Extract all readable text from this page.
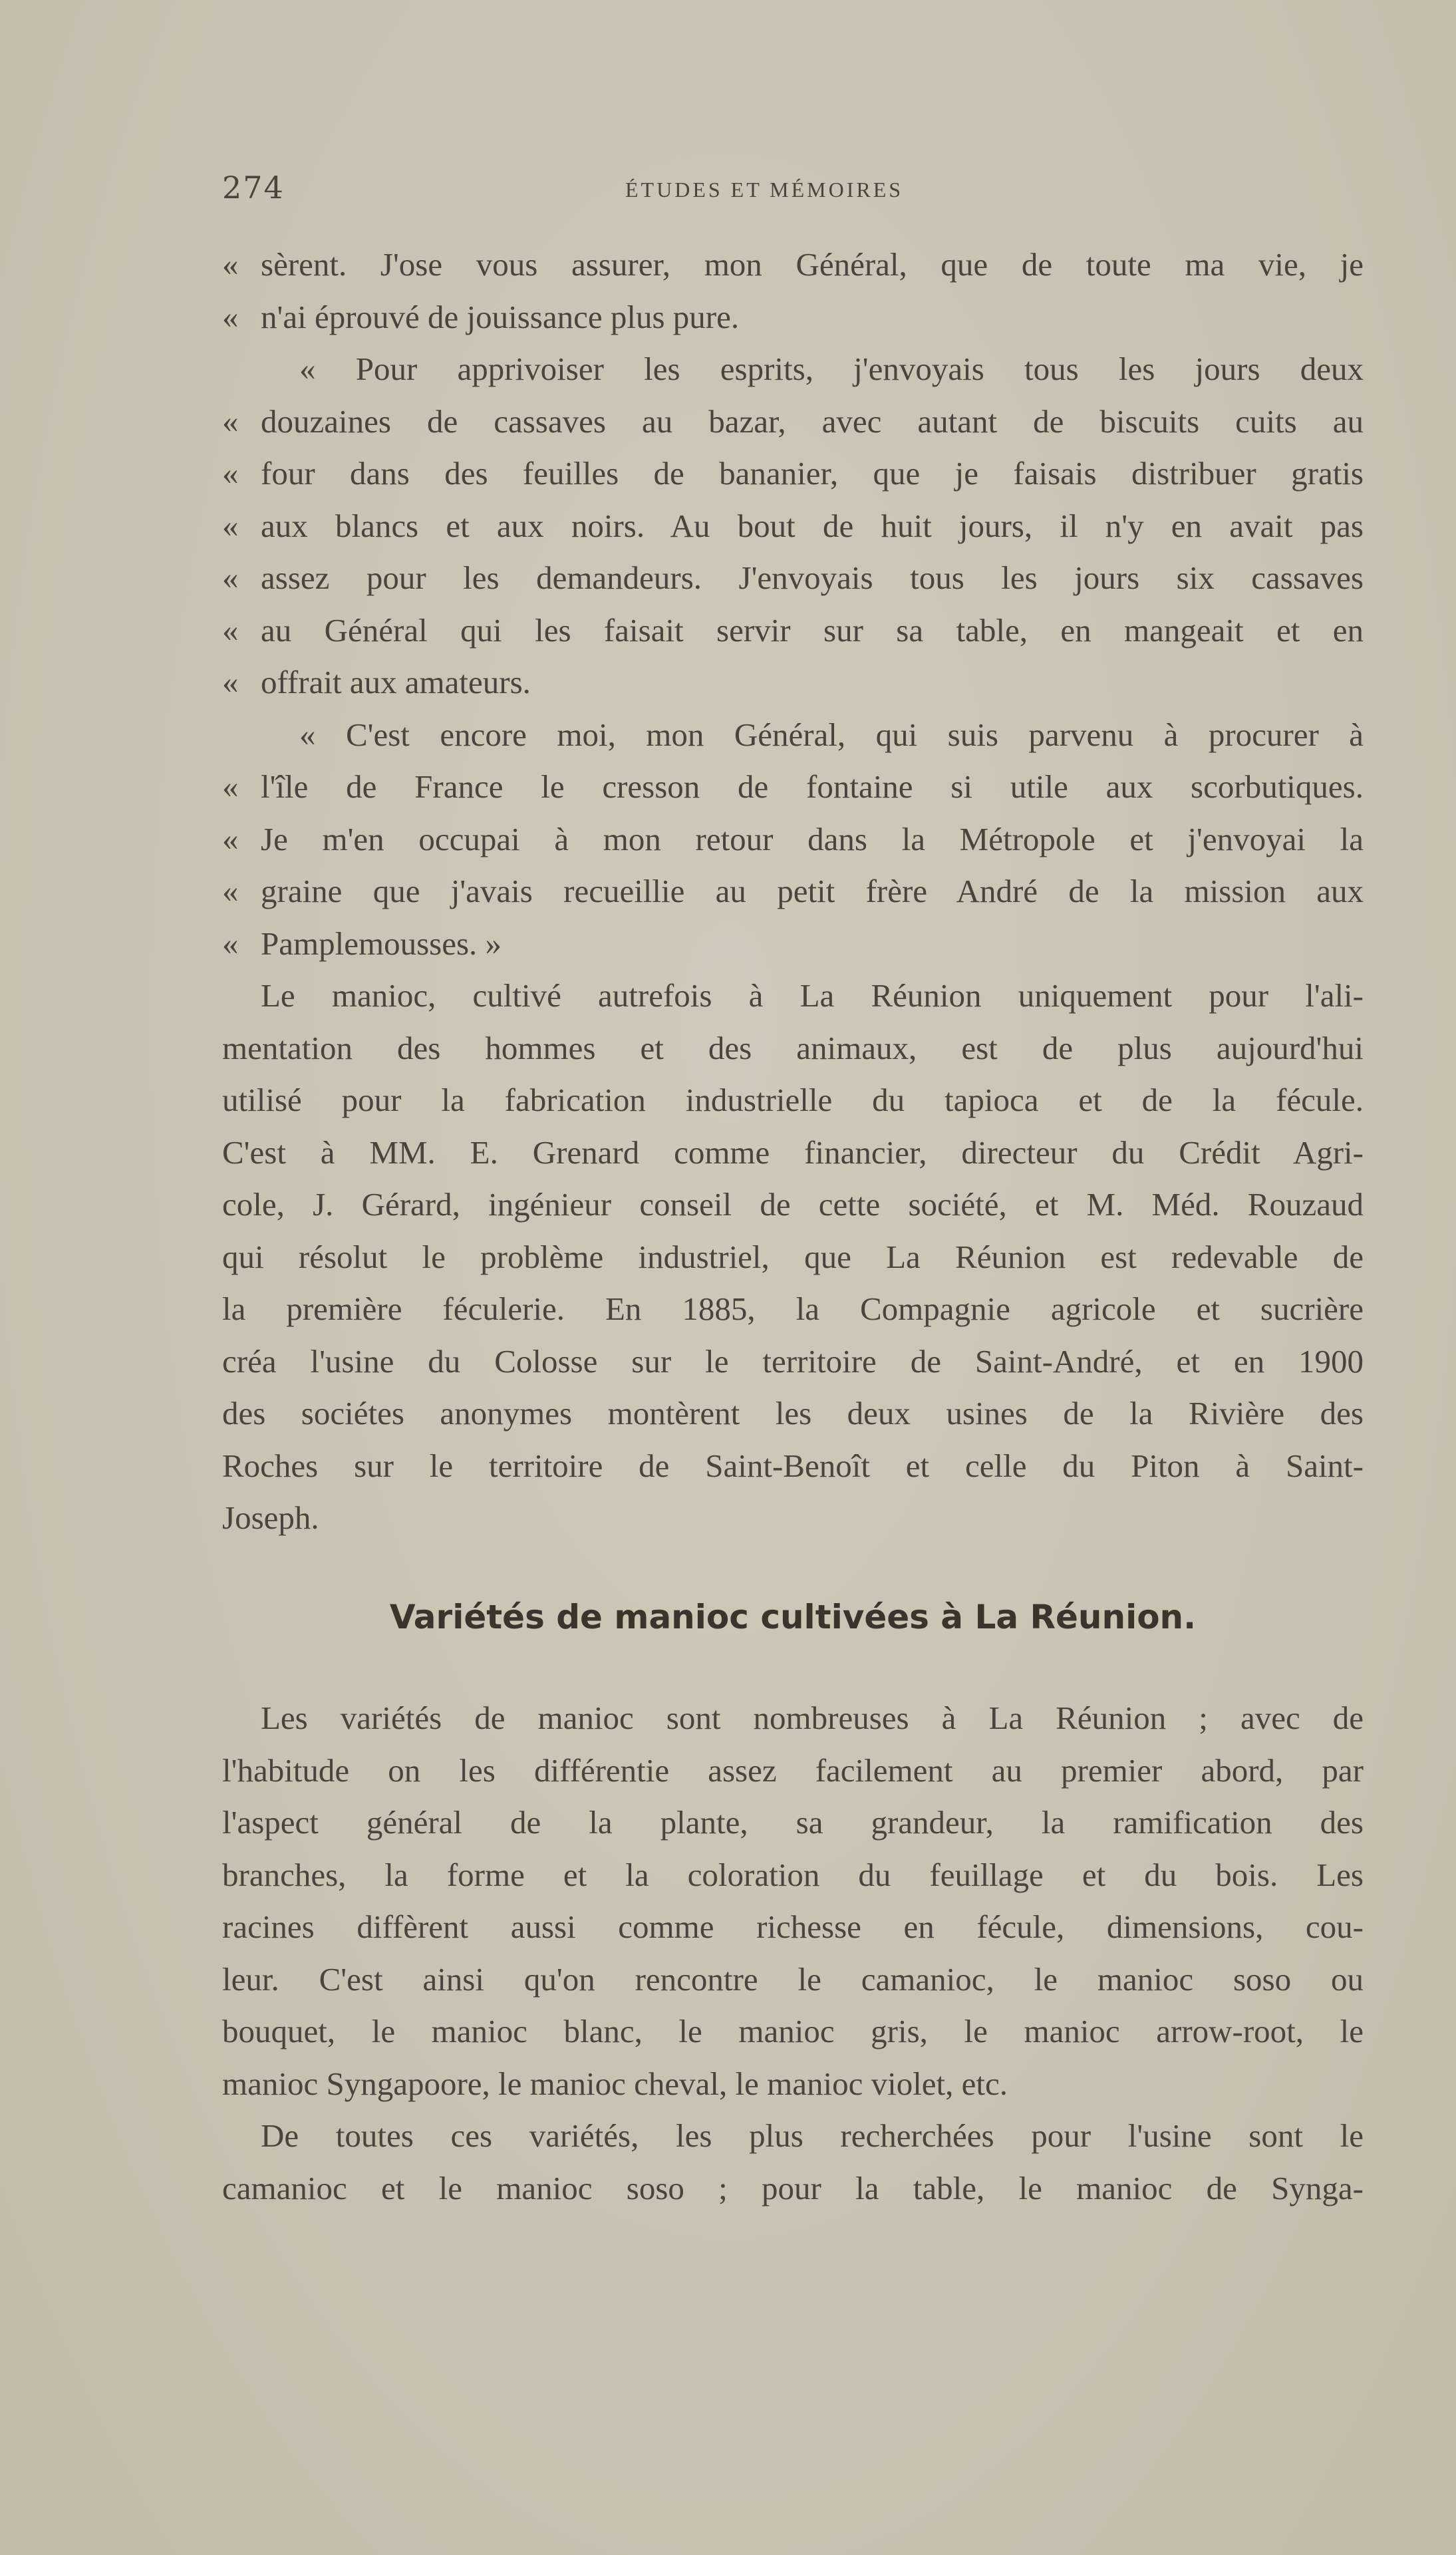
274	ÉTUDES ET MÉMOIRES
« sèrent. J'ose vous assurer, mon Général, que de toute ma vie, je
« n'ai éprouvé de jouissance plus pure.
« Pour apprivoiser les esprits, j'envoyais tous les jours deux
« douzaines de cassaves au bazar, avec autant de biscuits cuits au
« four dans des feuilles de bananier, que je faisais distribuer gratis
« aux blancs et aux noirs. Au bout de huit jours, il n'y en avait pas
« assez pour les demandeurs. J'envoyais tous les jours six cassaves
« au Général qui les faisait servir sur sa table, en mangeait et en
« offrait aux amateurs.
« C'est encore moi, mon Général, qui suis parvenu à procurer à
« l'île de France le cresson de fontaine si utile aux scorbutiques.
« Je m'en occupai à mon retour dans la Métropole et j'envoyai la
« graine que j'avais recueillie au petit frère André de la mission aux
« Pamplemousses. »
Le manioc, cultivé autrefois à La Réunion uniquement pour l'ali-
mentation des hommes et des animaux, est de plus aujourd'hui
utilisé pour la fabrication industrielle du tapioca et de la fécule.
C'est à MM. E. Grenard comme financier, directeur du Crédit Agri-
cole, J. Gérard, ingénieur conseil de cette société, et M. Méd. Rouzaud
qui résolut le problème industriel, que La Réunion est redevable de
la première féculerie. En 1885, la Compagnie agricole et sucrière
créa l'usine du Colosse sur le territoire de Saint-André, et en 1900
des sociétes anonymes montèrent les deux usines de la Rivière des
Roches sur le territoire de Saint-Benoît et celle du Piton à Saint-
Joseph.
Variétés de manioc cultivées à La Réunion.
Les variétés de manioc sont nombreuses à La Réunion ; avec de
l'habitude on les différentie assez facilement au premier abord, par
l'aspect général de la plante, sa grandeur, la ramification des
branches, la forme et la coloration du feuillage et du bois. Les
racines diffèrent aussi comme richesse en fécule, dimensions, cou-
leur. C'est ainsi qu'on rencontre le camanioc, le manioc soso ou
bouquet, le manioc blanc, le manioc gris, le manioc arrow-root, le
manioc Syngapoore, le manioc cheval, le manioc violet, etc.
De toutes ces variétés, les plus recherchées pour l'usine sont le
camanioc et le manioc soso ; pour la table, le manioc de Synga-
